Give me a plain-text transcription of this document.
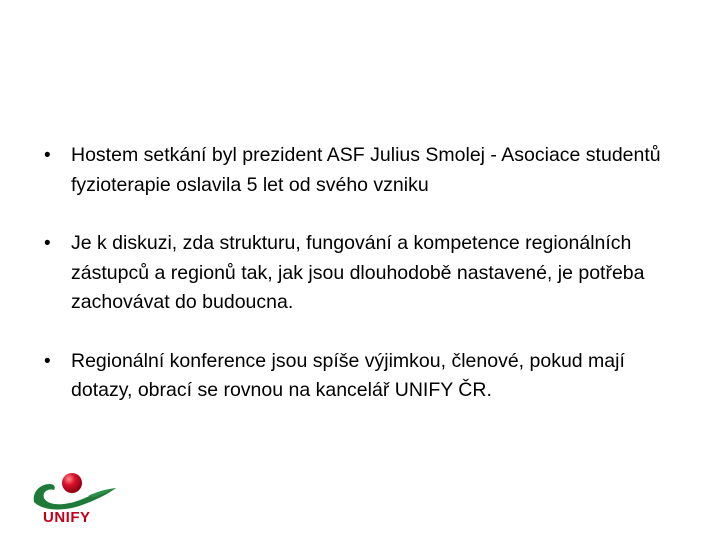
•	Hostem setkání byl prezident ASF Julius Smolej - Asociace studentů fyzioterapie oslavila 5 let od svého vzniku
•	Je k diskuzi, zda strukturu, fungování a kompetence regionálních zástupců a regionů tak, jak jsou dlouhodobě nastavené, je potřeba zachovávat do budoucna.
•	Regionální konference jsou spíše výjimkou, členové, pokud mají dotazy, obrací se rovnou na kancelář UNIFY ČR.
UNIFY
